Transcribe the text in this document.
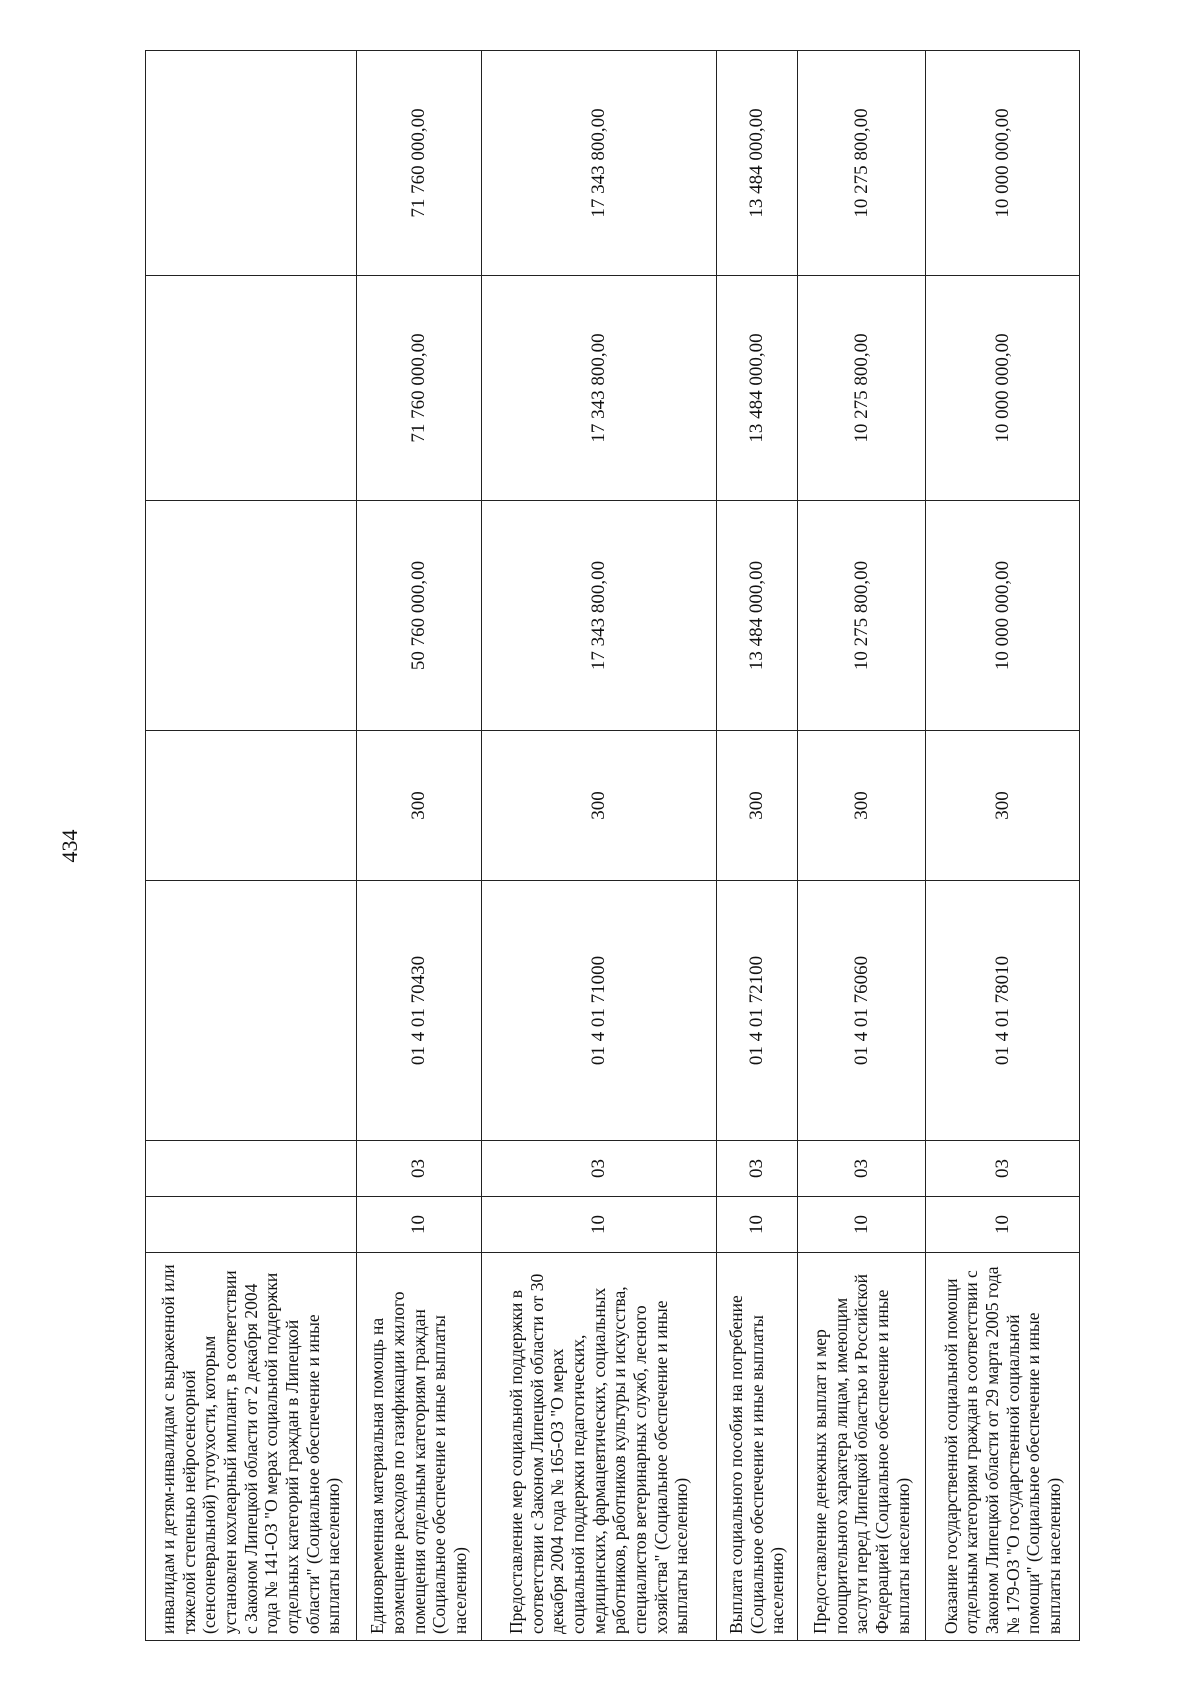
434
инвалидам и детям-инвалидам с выраженной или тяжелой степенью нейросенсорной (сенсоневральной) тугоухости, которым установлен кохлеарный имплант, в соответствии с Законом Липецкой области от 2 декабря 2004 года № 141-ОЗ "О мерах социальной поддержки отдельных категорий граждан в Липецкой области" (Социальное обеспечение и иные выплаты населению)							
Единовременная материальная помощь на возмещение расходов по газификации жилого помещения отдельным категориям граждан (Социальное обеспечение и иные выплаты населению)	10	03	01 4 01 70430	300	50 760 000,00	71 760 000,00	71 760 000,00
Предоставление мер социальной поддержки в соответствии с Законом Липецкой области от 30 декабря 2004 года № 165-ОЗ "О мерах социальной поддержки педагогических, медицинских, фармацевтических, социальных работников, работников культуры и искусства, специалистов ветеринарных служб, лесного хозяйства" (Социальное обеспечение и иные выплаты населению)	10	03	01 4 01 71000	300	17 343 800,00	17 343 800,00	17 343 800,00
Выплата социального пособия на погребение (Социальное обеспечение и иные выплаты населению)	10	03	01 4 01 72100	300	13 484 000,00	13 484 000,00	13 484 000,00
Предоставление денежных выплат и мер поощрительного характера лицам, имеющим заслуги перед Липецкой областью и Российской Федерацией (Социальное обеспечение и иные выплаты населению)	10	03	01 4 01 76060	300	10 275 800,00	10 275 800,00	10 275 800,00
Оказание государственной социальной помощи отдельным категориям граждан в соответствии с Законом Липецкой области от 29 марта 2005 года № 179-ОЗ "О государственной социальной помощи" (Социальное обеспечение и иные выплаты населению)	10	03	01 4 01 78010	300	10 000 000,00	10 000 000,00	10 000 000,00
